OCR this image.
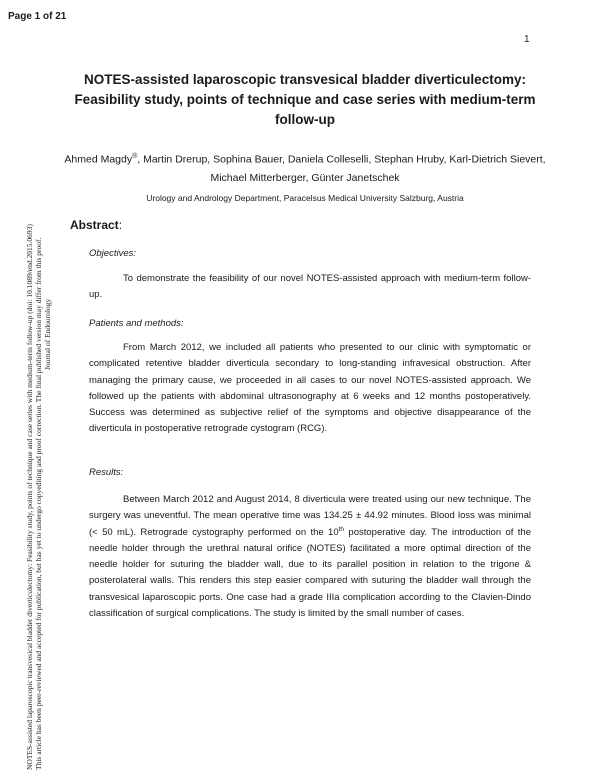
Page 1 of 21
1
NOTES-assisted laparoscopic transvesical bladder diverticulectomy: Feasibility study, points of technique and case series with medium-term follow-up (doi: 10.1089/end.2015.0693) This article has been peer-reviewed and accepted for publication, but has yet to undergo copyediting and proof correction. The final published version may differ from this proof. Journal of Endourology
NOTES-assisted laparoscopic transvesical bladder diverticulectomy: Feasibility study, points of technique and case series with medium-term follow-up
Ahmed Magdy®, Martin Drerup, Sophina Bauer, Daniela Colleselli, Stephan Hruby, Karl-Dietrich Sievert, Michael Mitterberger, Günter Janetschek
Urology and Andrology Department, Paracelsus Medical University Salzburg, Austria
Abstract:
Objectives:

To demonstrate the feasibility of our novel NOTES-assisted approach with medium-term follow-up.

Patients and methods:

From March 2012, we included all patients who presented to our clinic with symptomatic or complicated retentive bladder diverticula secondary to long-standing infravesical obstruction. After managing the primary cause, we proceeded in all cases to our novel NOTES-assisted approach. We followed up the patients with abdominal ultrasonography at 6 weeks and 12 months postoperatively. Success was determined as subjective relief of the symptoms and objective disappearance of the diverticula in postoperative retrograde cystogram (RCG).

Results:

Between March 2012 and August 2014, 8 diverticula were treated using our new technique. The surgery was uneventful. The mean operative time was 134.25 ± 44.92 minutes. Blood loss was minimal (< 50 mL). Retrograde cystography performed on the 10th postoperative day. The introduction of the needle holder through the urethral natural orifice (NOTES) facilitated a more optimal direction of the needle holder for suturing the bladder wall, due to its parallel position in relation to the trigone & posterolateral walls. This renders this step easier compared with suturing the bladder wall through the transvesical laparoscopic ports. One case had a grade IIIa complication according to the Clavien-Dindo classification of surgical complications. The study is limited by the small number of cases.
